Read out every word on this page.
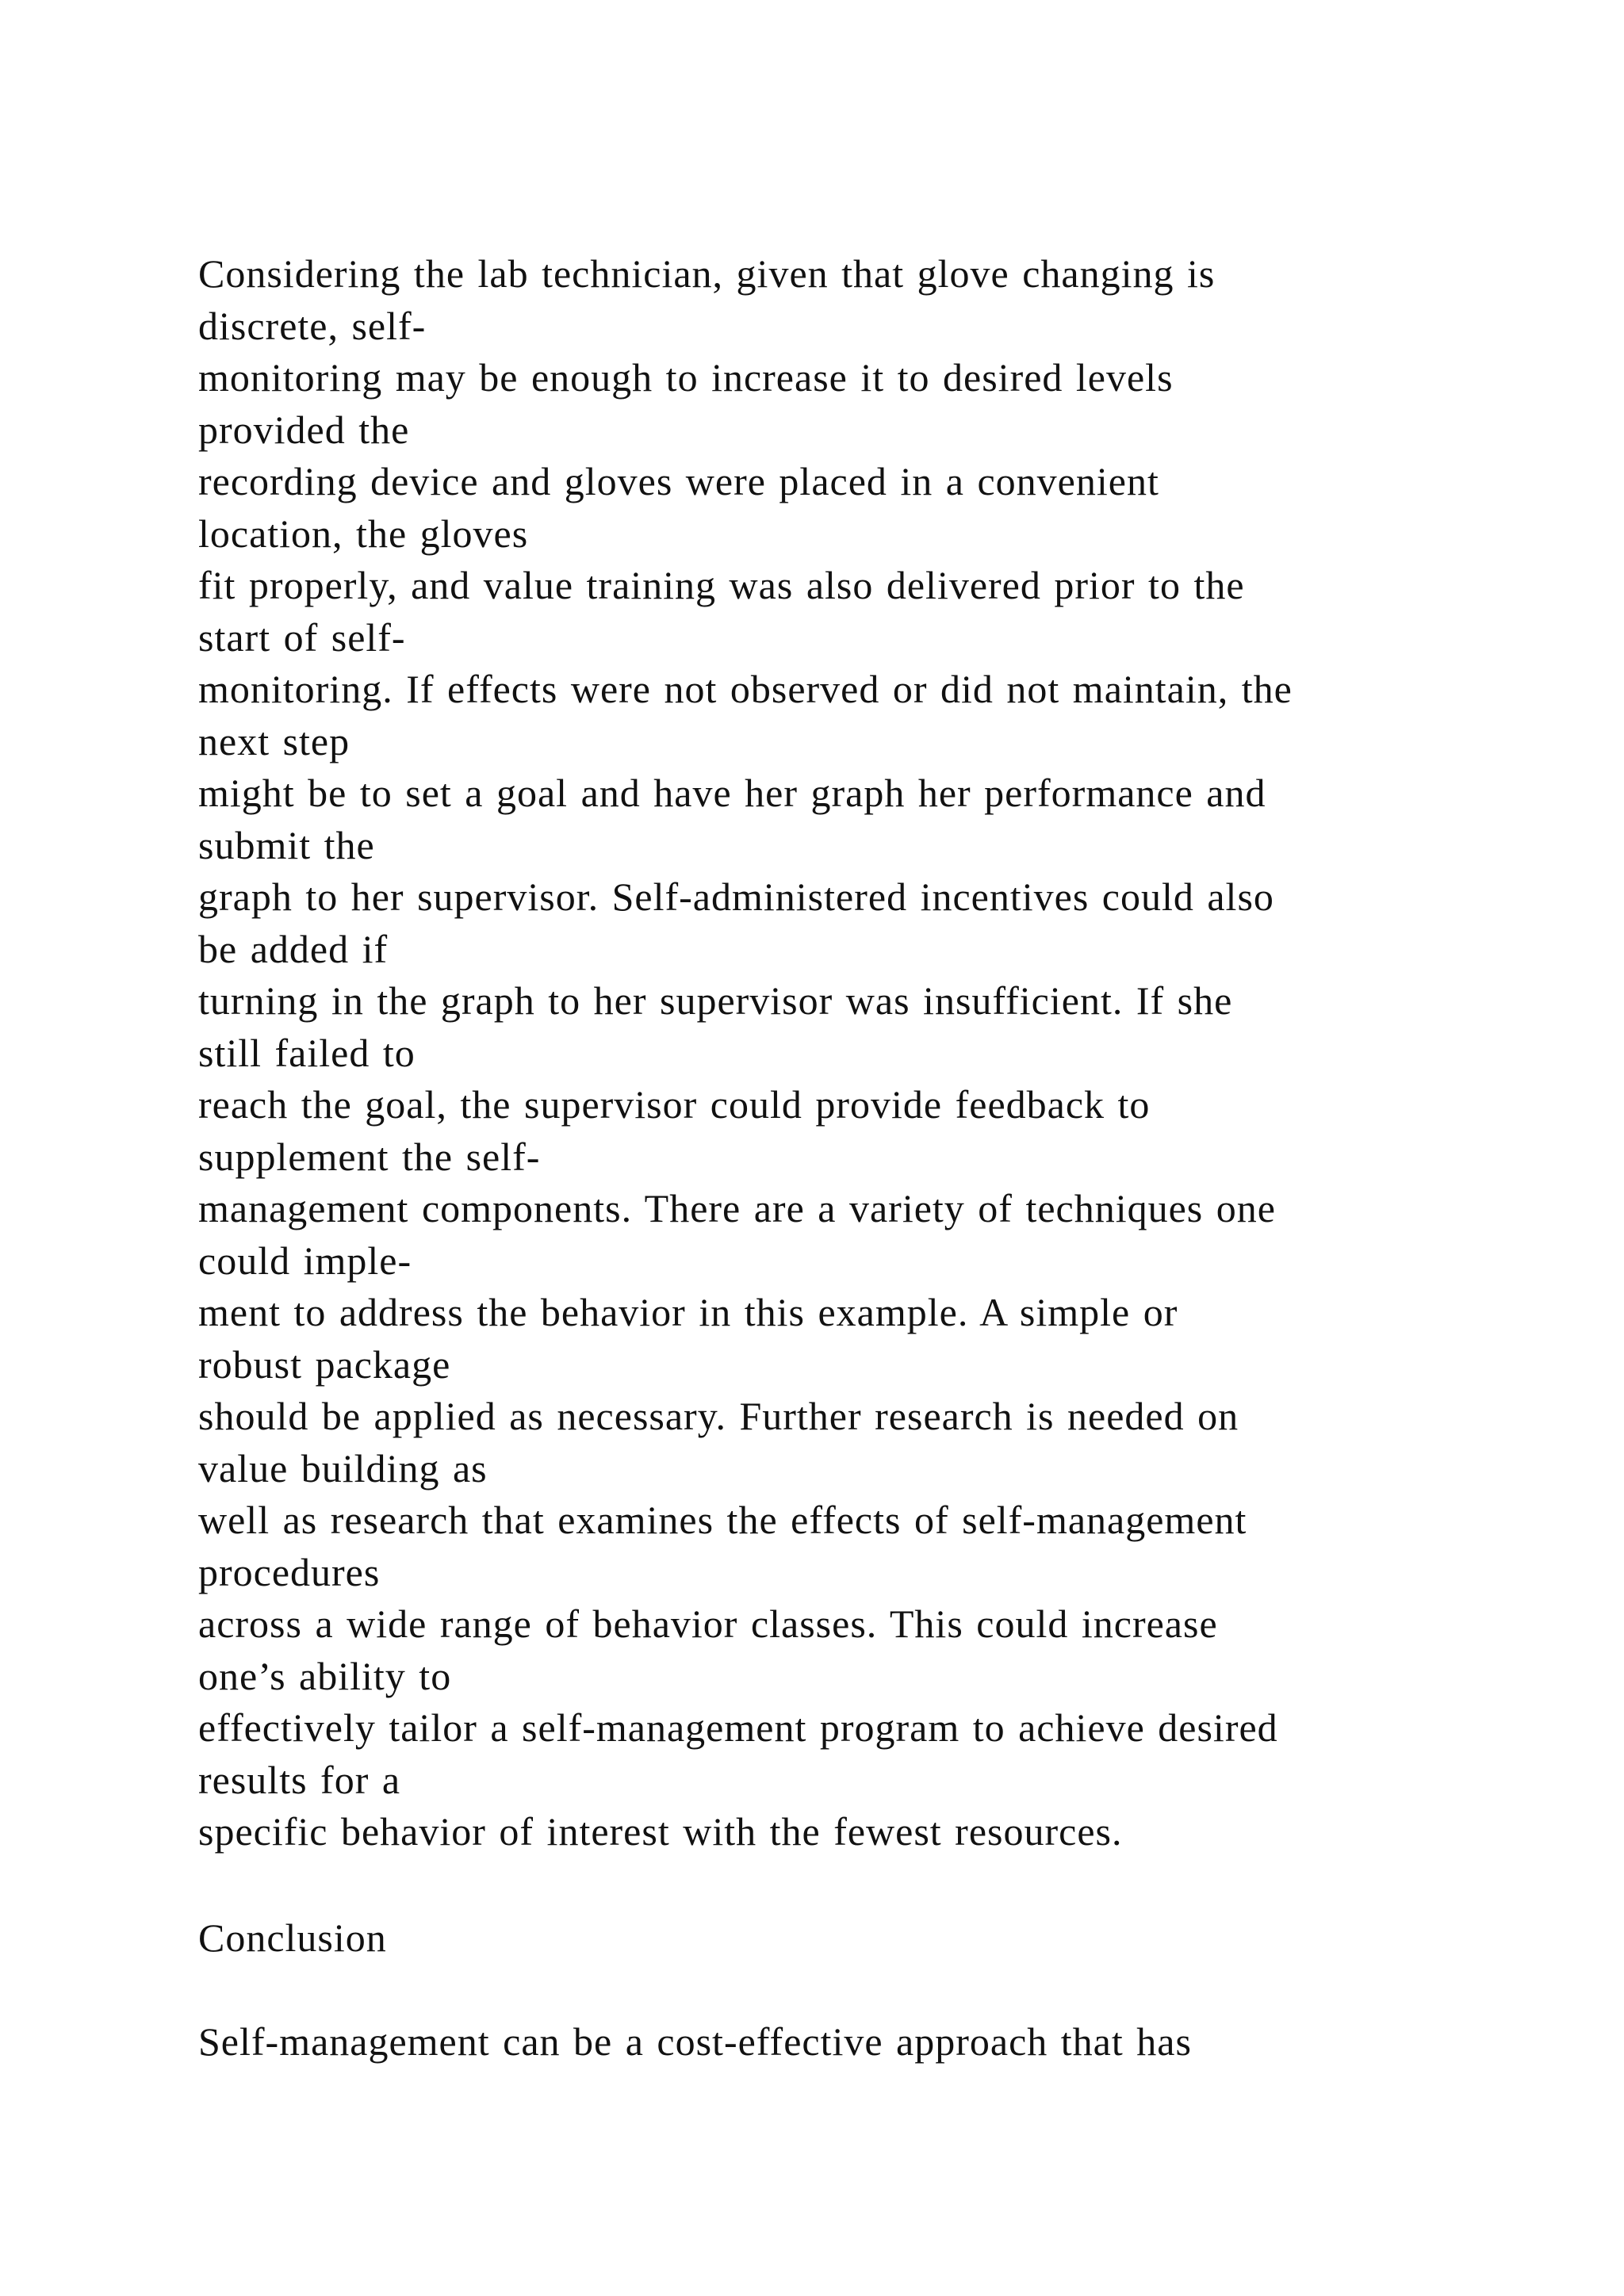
Considering the lab technician, given that glove changing is
discrete, self-
monitoring may be enough to increase it to desired levels
provided the
recording device and gloves were placed in a convenient
location, the gloves
fit properly, and value training was also delivered prior to the
start of self-
monitoring. If effects were not observed or did not maintain, the
next step
might be to set a goal and have her graph her performance and
submit the
graph to her supervisor. Self-administered incentives could also
be added if
turning in the graph to her supervisor was insufficient. If she
still failed to
reach the goal, the supervisor could provide feedback to
supplement the self-
management components. There are a variety of techniques one
could imple-
ment to address the behavior in this example. A simple or
robust package
should be applied as necessary. Further research is needed on
value building as
well as research that examines the effects of self-management
procedures
across a wide range of behavior classes. This could increase
one’s ability to
effectively tailor a self-management program to achieve desired
results for a
specific behavior of interest with the fewest resources.
Conclusion
Self-management can be a cost-effective approach that has
